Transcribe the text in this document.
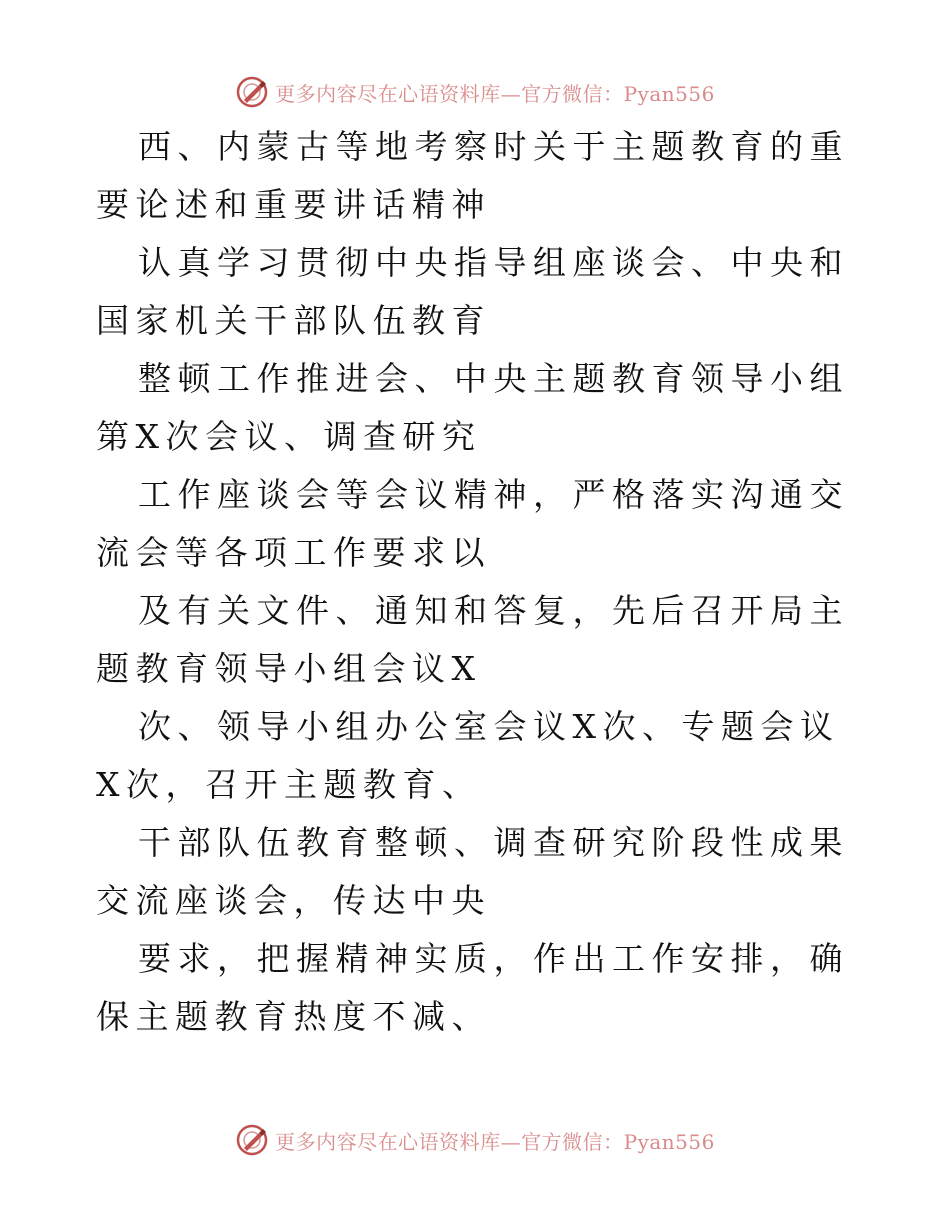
更多内容尽在心语资料库—官方微信：Pyan556

西、内蒙古等地考察时关于主题教育的重要论述和重要讲话精神

认真学习贯彻中央指导组座谈会、中央和国家机关干部队伍教育

整顿工作推进会、中央主题教育领导小组第X次会议、调查研究

工作座谈会等会议精神，严格落实沟通交流会等各项工作要求以

及有关文件、通知和答复，先后召开局主题教育领导小组会议X

次、领导小组办公室会议X次、专题会议X次，召开主题教育、

干部队伍教育整顿、调查研究阶段性成果交流座谈会，传达中央

要求，把握精神实质，作出工作安排，确保主题教育热度不减、

更多内容尽在心语资料库—官方微信：Pyan556
